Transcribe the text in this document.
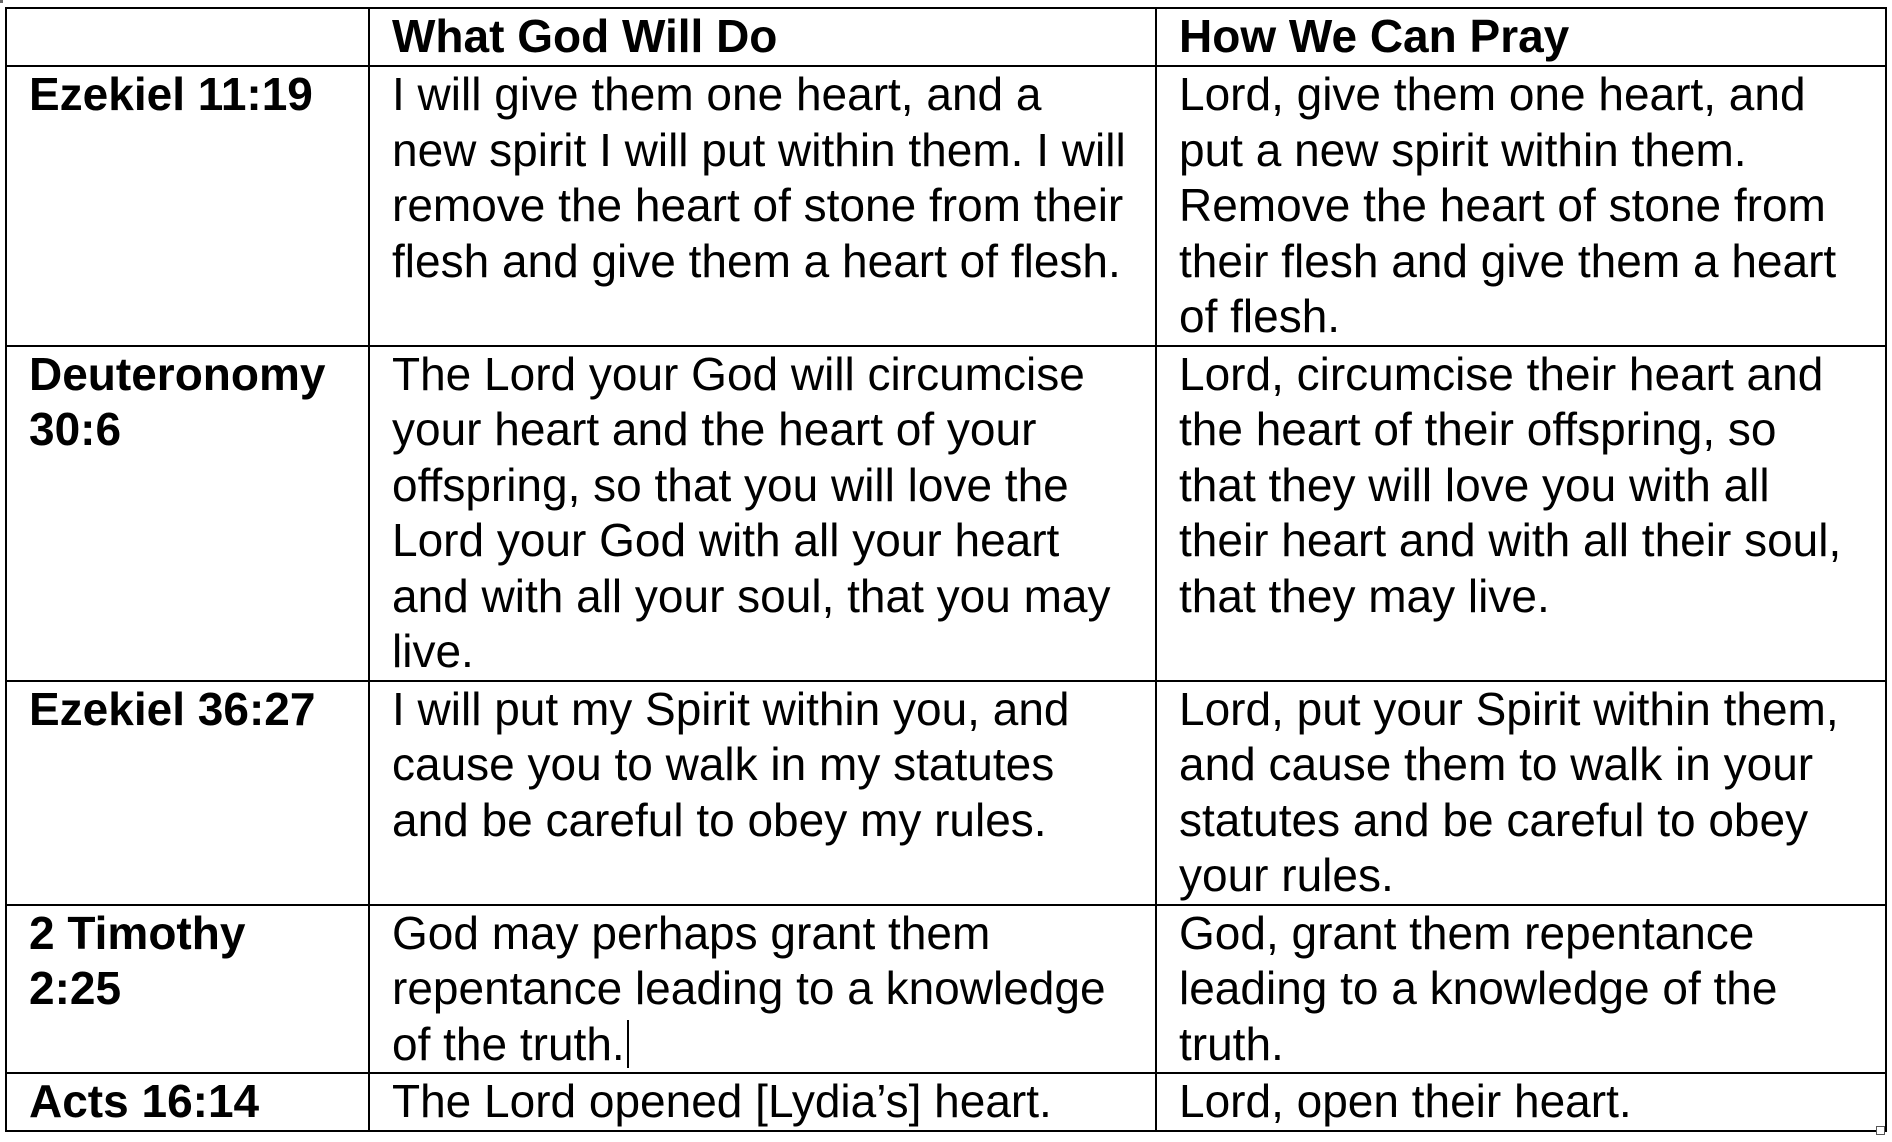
	What God Will Do	How We Can Pray
Ezekiel 11:19	I will give them one heart, and a new spirit I will put within them. I will remove the heart of stone from their flesh and give them a heart of flesh.	Lord, give them one heart, and put a new spirit within them. Remove the heart of stone from their flesh and give them a heart of flesh.
Deuteronomy 30:6	The Lord your God will circumcise your heart and the heart of your offspring, so that you will love the Lord your God with all your heart and with all your soul, that you may live.	Lord, circumcise their heart and the heart of their offspring, so that they will love you with all their heart and with all their soul, that they may live.
Ezekiel 36:27	I will put my Spirit within you, and cause you to walk in my statutes and be careful to obey my rules.	Lord, put your Spirit within them, and cause them to walk in your statutes and be careful to obey your rules.
2 Timothy 2:25	God may perhaps grant them repentance leading to a knowledge of the truth.	God, grant them repentance leading to a knowledge of the truth.
Acts 16:14	The Lord opened [Lydia’s] heart.	Lord, open their heart.
